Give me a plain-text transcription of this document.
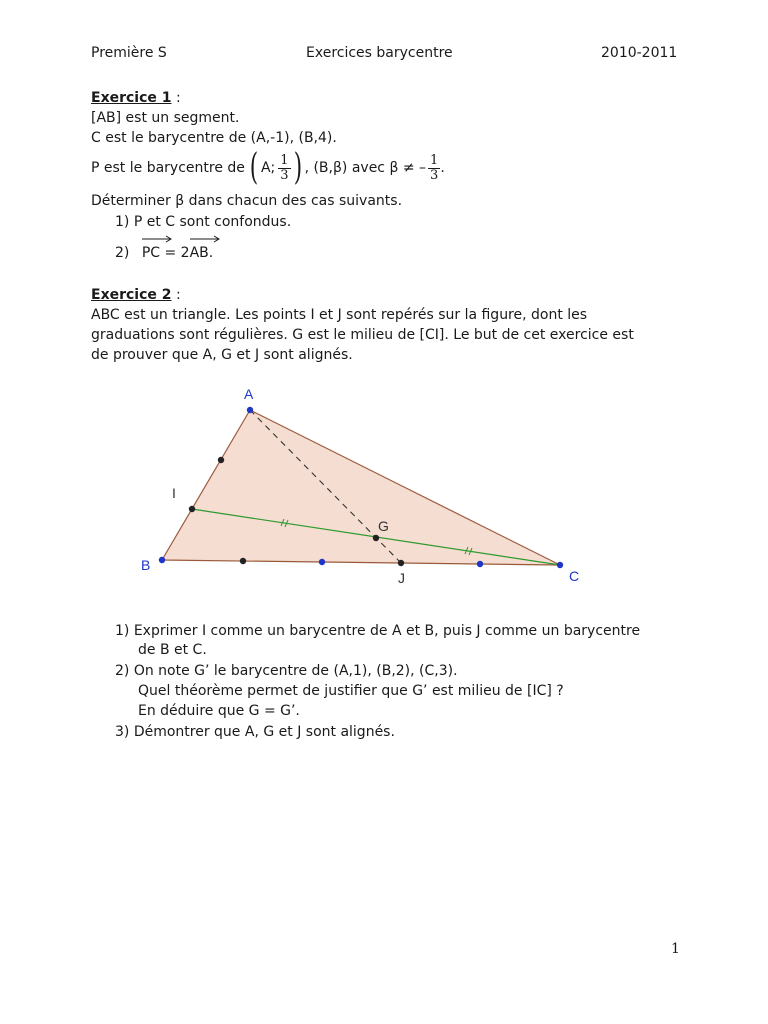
Première S	Exercices barycentre	2010-2011
Exercice 1 :
[AB] est un segment.
C est le barycentre de (A,-1), (B,4).
P est le barycentre de ( A; $\frac{1}{3}$ ) , (B,β) avec β ≠ – $\frac{1}{3}$ .
Déterminer β dans chacun des cas suivants.
1) P et C sont confondus.
2) PC = 2
AB.
Exercice 2 :
ABC est un triangle. Les points I et J sont repérés sur la figure, dont les
graduations sont régulières. G est le milieu de [CI]. Le but de cet exercice est
de prouver que A, G et J sont alignés.
A
B
C
I
J
G
1) Exprimer I comme un barycentre de A et B, puis J comme un barycentre
de B et C.
2) On note G’ le barycentre de (A,1), (B,2), (C,3).
Quel théorème permet de justifier que G’ est milieu de [IC] ?
En déduire que G = G’.
3) Démontrer que A, G et J sont alignés.
1
